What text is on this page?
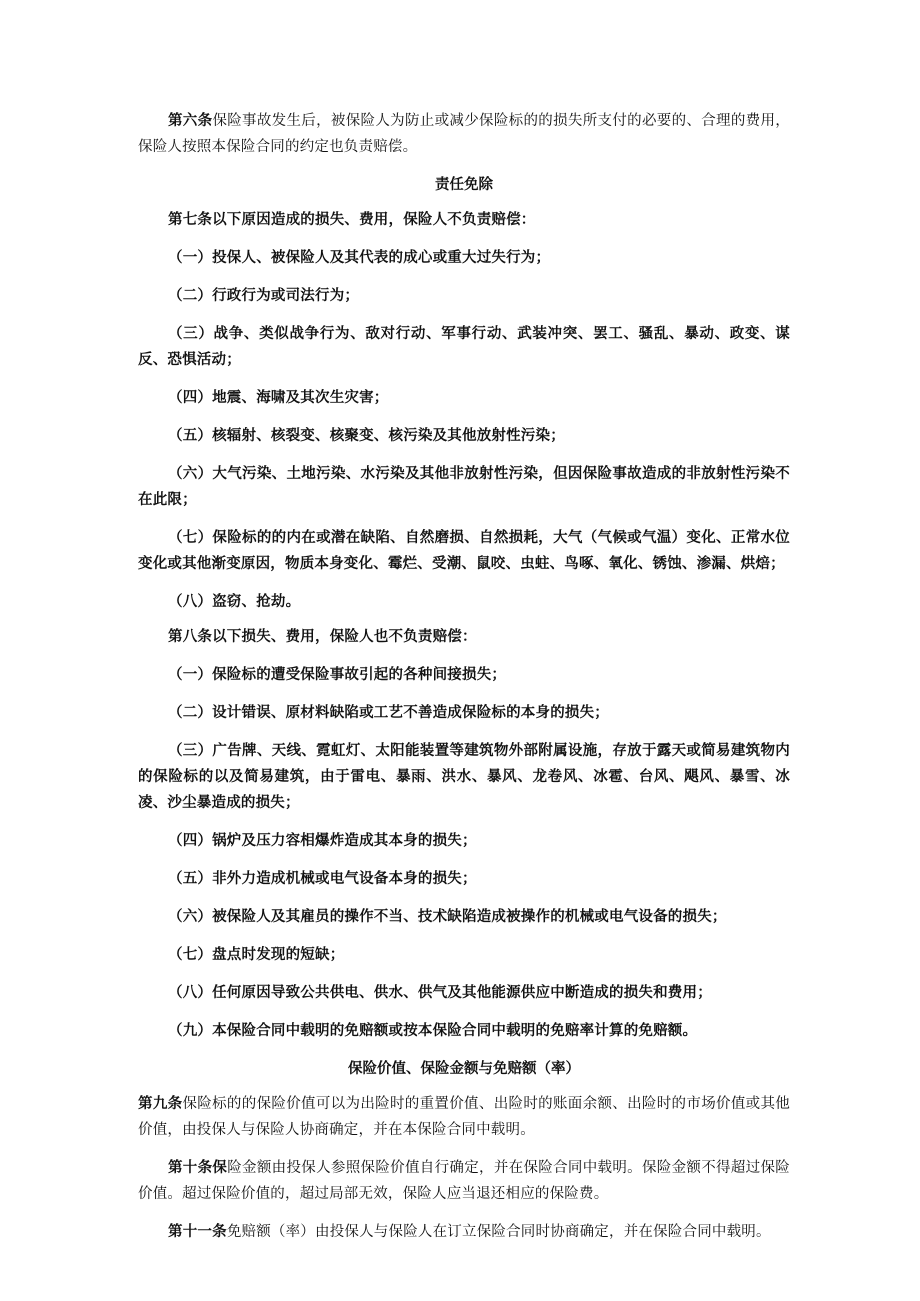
第六条保险事故发生后，被保险人为防止或减少保险标的的损失所支付的必要的、合理的费用，保险人按照本保险合同的约定也负责赔偿。

责任免除

第七条以下原因造成的损失、费用，保险人不负责赔偿：

（一）投保人、被保险人及其代表的成心或重大过失行为；

（二）行政行为或司法行为；

（三）战争、类似战争行为、敌对行动、军事行动、武装冲突、罢工、骚乱、暴动、政变、谋反、恐惧活动；

（四）地震、海啸及其次生灾害；

（五）核辐射、核裂变、核聚变、核污染及其他放射性污染；

（六）大气污染、土地污染、水污染及其他非放射性污染，但因保险事故造成的非放射性污染不在此限；

（七）保险标的的内在或潜在缺陷、自然磨损、自然损耗，大气（气候或气温）变化、正常水位变化或其他渐变原因，物质本身变化、霉烂、受潮、鼠咬、虫蛀、鸟啄、氧化、锈蚀、渗漏、烘焙；

（八）盗窃、抢劫。

第八条以下损失、费用，保险人也不负责赔偿：

（一）保险标的遭受保险事故引起的各种间接损失；

（二）设计错误、原材料缺陷或工艺不善造成保险标的本身的损失；

（三）广告牌、天线、霓虹灯、太阳能装置等建筑物外部附属设施，存放于露天或简易建筑物内的保险标的以及简易建筑，由于雷电、暴雨、洪水、暴风、龙卷风、冰雹、台风、飓风、暴雪、冰凌、沙尘暴造成的损失；

（四）锅炉及压力容相爆炸造成其本身的损失；

（五）非外力造成机械或电气设备本身的损失；

（六）被保险人及其雇员的操作不当、技术缺陷造成被操作的机械或电气设备的损失；

（七）盘点时发现的短缺；

（八）任何原因导致公共供电、供水、供气及其他能源供应中断造成的损失和费用；

（九）本保险合同中载明的免赔额或按本保险合同中载明的免赔率计算的免赔额。

保险价值、保险金额与免赔额（率）

第九条保险标的的保险价值可以为出险时的重置价值、出险时的账面余额、出险时的市场价值或其他价值，由投保人与保险人协商确定，并在本保险合同中载明。

第十条保险金额由投保人参照保险价值自行确定，并在保险合同中载明。保险金额不得超过保险价值。超过保险价值的，超过局部无效，保险人应当退还相应的保险费。

第十一条免赔额（率）由投保人与保险人在订立保险合同时协商确定，并在保险合同中载明。
